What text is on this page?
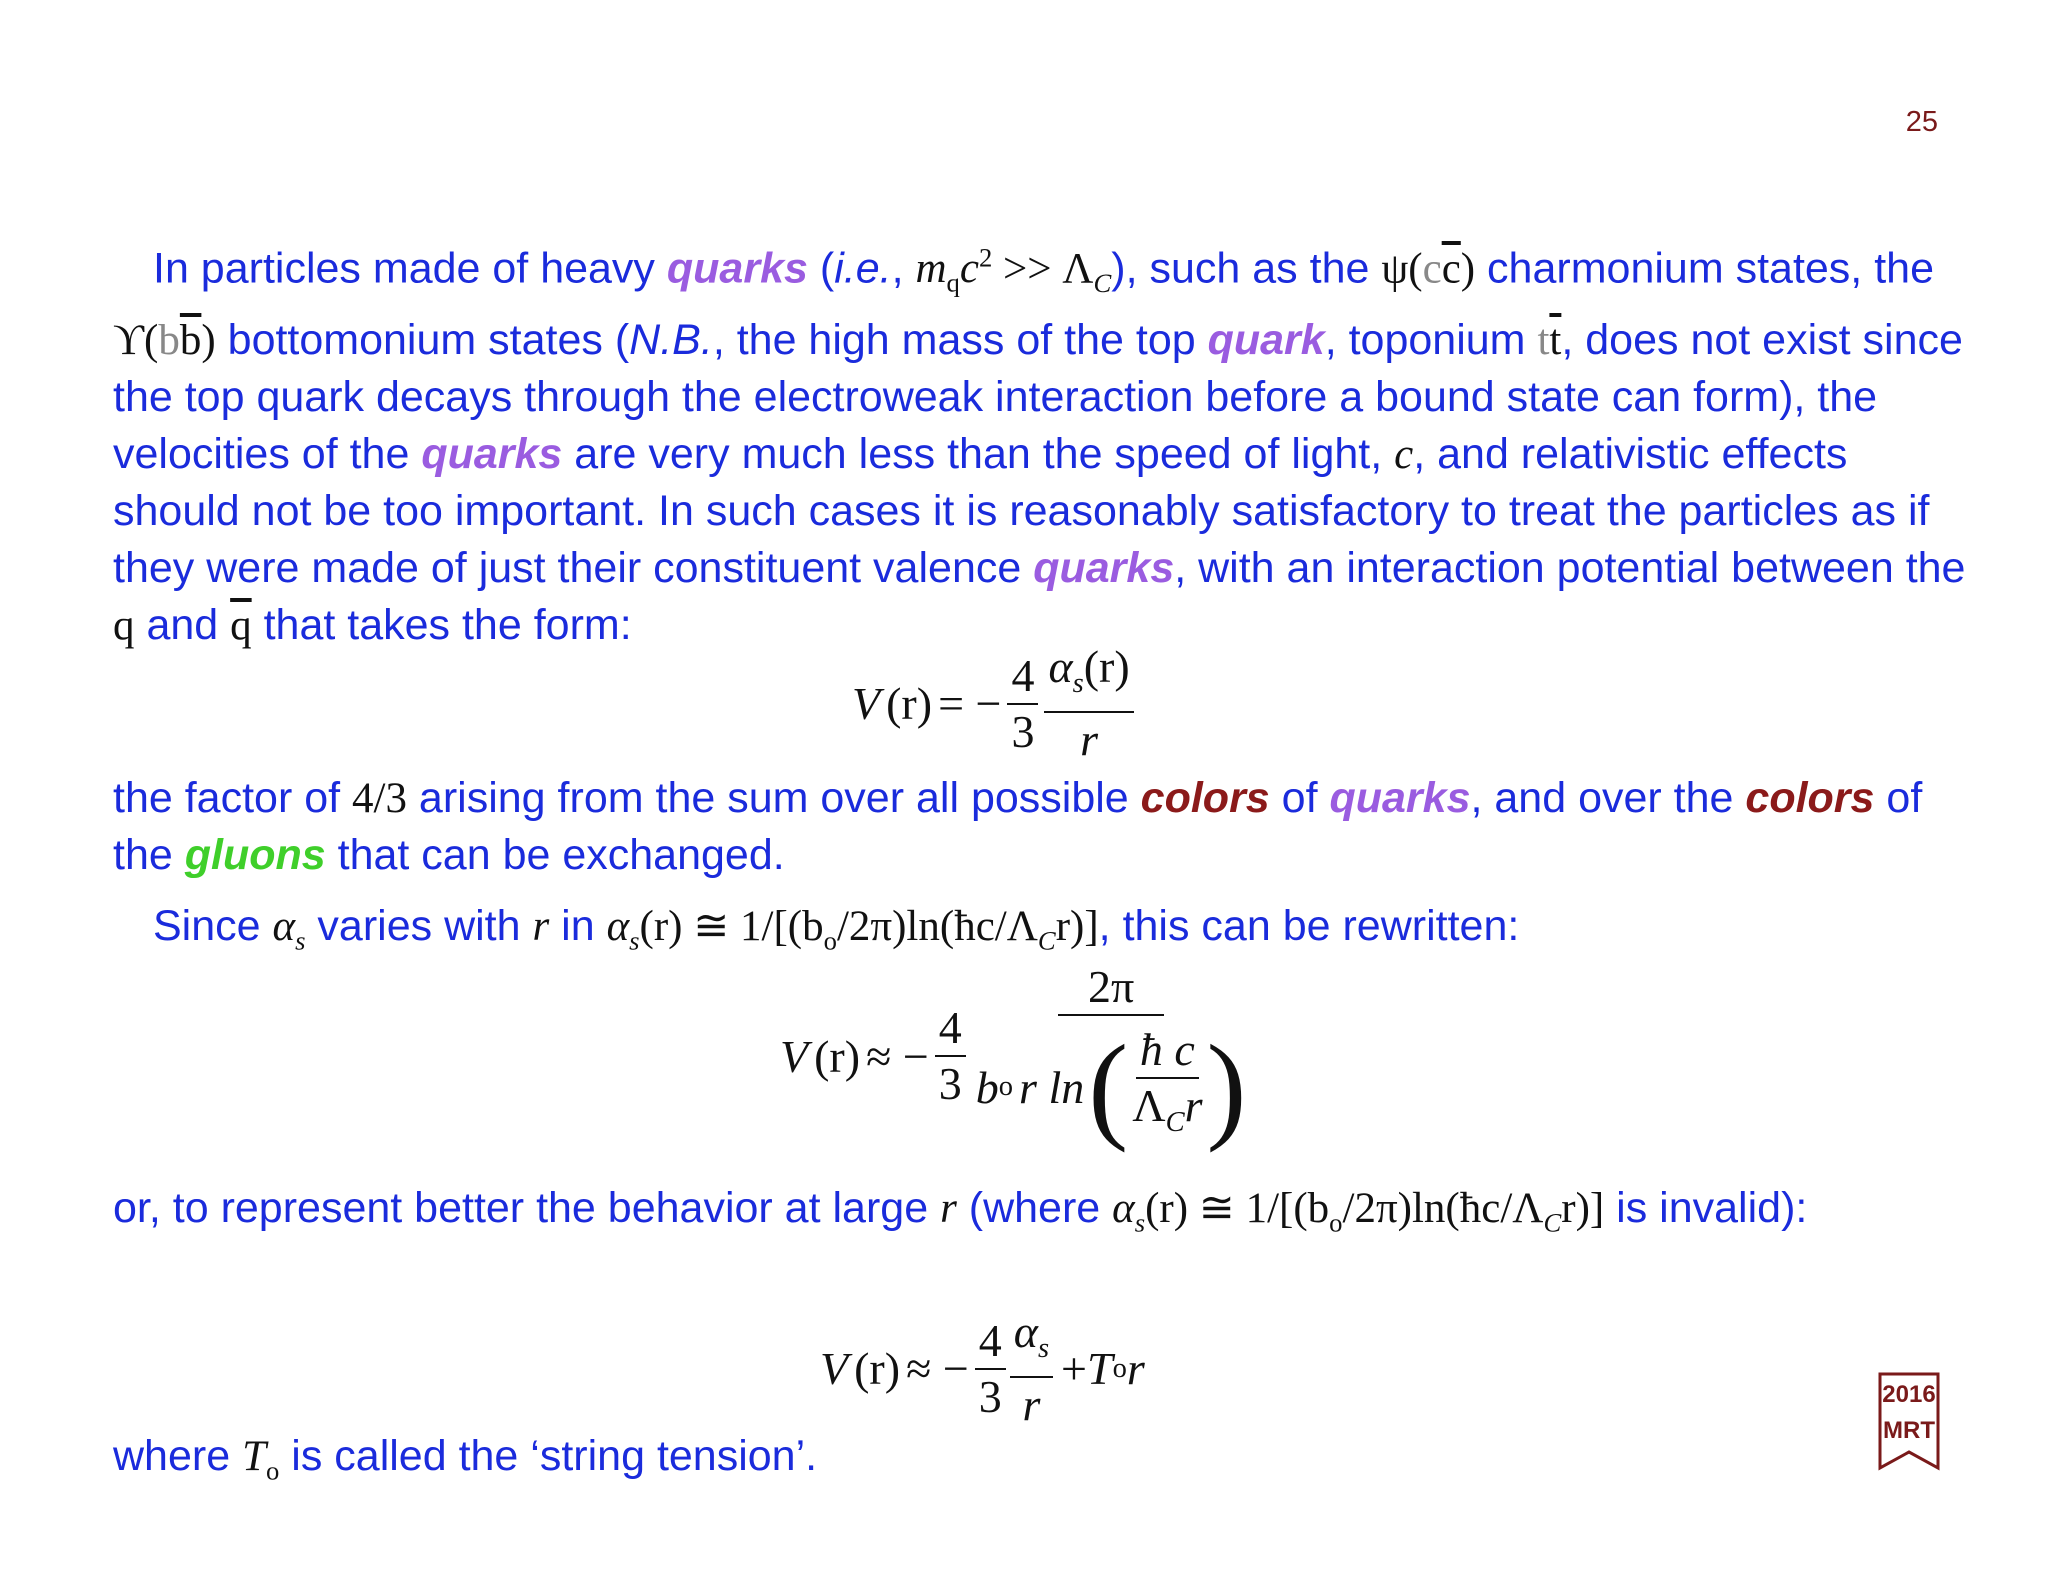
25
In particles made of heavy quarks (i.e., $m_qc^2 >> \Lambda_C$), such as the $\psi(c\overline{c})$ charmonium states, the $ϒ(b\overline{b})$ bottomonium states (N.B., the high mass of the top quark, toponium $t\overline{t}$, does not exist since the top quark decays through the electroweak interaction before a bound state can form), the velocities of the quarks are very much less than the speed of light, c, and relativistic effects should not be too important. In such cases it is reasonably satisfactory to treat the particles as if they were made of just their constituent valence quarks, with an interaction potential between the q and $\overline{q}$ that takes the form:
V (r) = − $\frac{4}{3} \frac{\alpha_s(r)}{r}$
the factor of 4/3 arising from the sum over all possible colors of quarks, and over the colors of the gluons that can be exchanged.
Since $\alpha_s$ varies with r in $\alpha_s(r)$ ≅ $1/[(b_o/2\pi)\ln(ħc/\Lambda_Cr)]$, this can be rewritten:
V (r) ≈ − $\frac{4}{3} \frac{2\pi}{b o r \ln ( \frac{\text{ħ c}}{\Lambda_Cr} )}$
or, to represent better the behavior at large r (where $\alpha_s(r)$ ≅ $1/[(b_o/2\pi)\ln(ħc/\Lambda_Cr)]$ is invalid):
V (r) ≈ − $\frac{4}{3} \frac{\alpha_s}{r} + T$ o r
where $T_o$ is called the ‘string tension’.
2016
MRT
